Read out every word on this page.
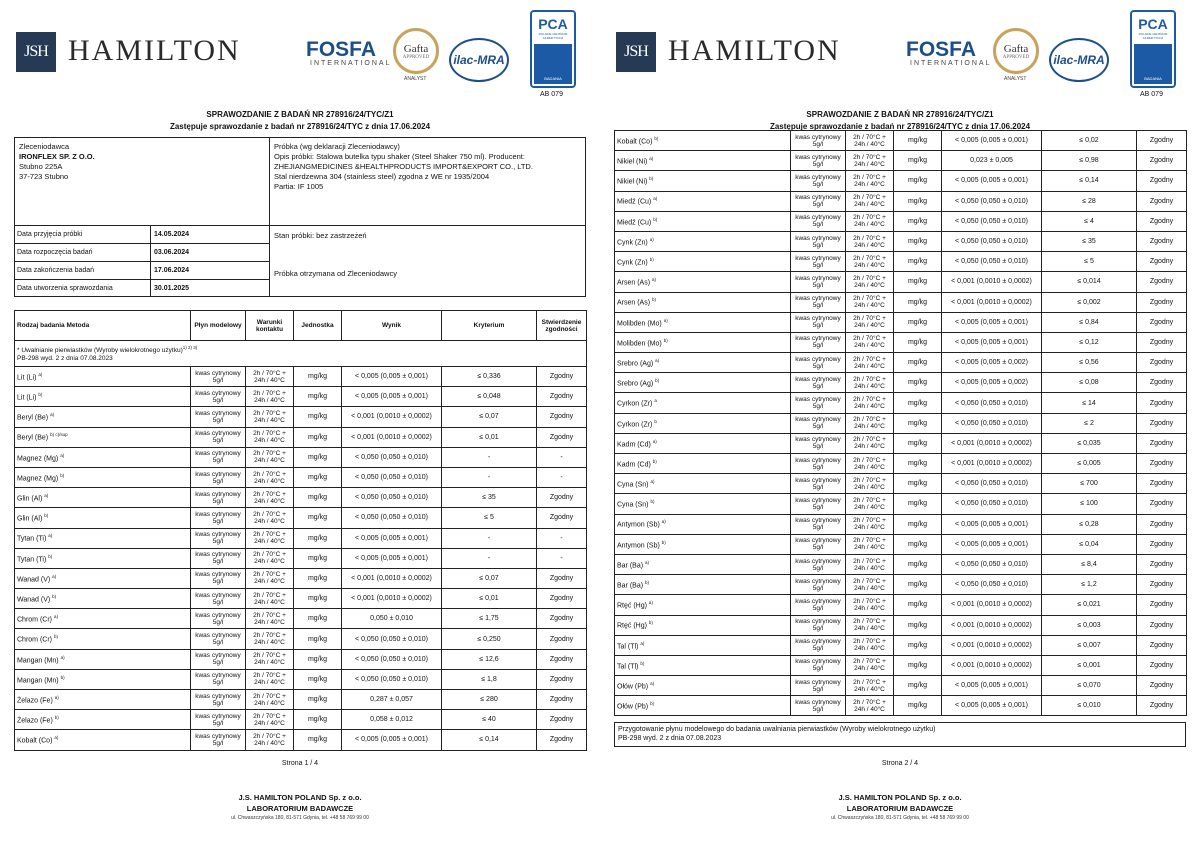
JSH HAMILTON	FOSFA
INTERNATIONAL
Gafta
APPROVED
ANALYST
ilac-MRA
PCA
POLSKIE CENTRUM AKREDYTACJI
BADANIA
AB 079
SPRAWOZDANIE Z BADAŃ NR 278916/24/TYC/Z1
Zastępuje sprawozdanie z badań nr 278916/24/TYC z dnia 17.06.2024
Zleceniodawca
IRONFLEX SP. Z O.O.
Stubno 225A
37-723 Stubno
Próbka (wg deklaracji Zleceniodawcy)
Opis próbki: Stalowa butelka typu shaker (Steel Shaker 750 ml). Producent: ZHEJIANGMEDICINES &HEALTHPRODUCTS IMPORT&EXPORT CO., LTD.
Stal nierdzewna 304 (stainless steel) zgodna z WE nr 1935/2004
Partia: IF 1005
Data przyjęcia próbki	14.05.2024
Data rozpoczęcia badań	03.06.2024
Data zakończenia badań	17.06.2024
Data utworzenia sprawozdania	30.01.2025
Stan próbki: bez zastrzeżeń
Próbka otrzymana od Zleceniodawcy
Rodzaj badania Metoda	Płyn modelowy	Warunki kontaktu	Jednostka	Wynik	Kryterium	Stwierdzenie zgodności
* Uwalnianie pierwiastków (Wyroby wielokrotnego użytku)$^{1) 2) 3)}$
PB-298 wyd. 2 z dnia 07.08.2023						
Lit (Li) $^{a)}$	kwas cytrynowy 5g/l	2h / 70°C + 24h / 40°C	mg/kg	< 0,005 (0,005 ± 0,001)	≤ 0,336	Zgodny
Lit (Li) $^{b)}$	kwas cytrynowy 5g/l	2h / 70°C + 24h / 40°C	mg/kg	< 0,005 (0,005 ± 0,001)	≤ 0,048	Zgodny
Beryl (Be) $^{a)}$	kwas cytrynowy 5g/l	2h / 70°C + 24h / 40°C	mg/kg	< 0,001 (0,0010 ± 0,0002)	≤ 0,07	Zgodny
Beryl (Be) $^{b) c)/sup}$	kwas cytrynowy 5g/l	2h / 70°C + 24h / 40°C	mg/kg	< 0,001 (0,0010 ± 0,0002)	≤ 0,01	Zgodny
Magnez (Mg) $^{a)}$	kwas cytrynowy 5g/l	2h / 70°C + 24h / 40°C	mg/kg	< 0,050 (0,050 ± 0,010)	-	-
Magnez (Mg) $^{b)}$	kwas cytrynowy 5g/l	2h / 70°C + 24h / 40°C	mg/kg	< 0,050 (0,050 ± 0,010)	-	-
Glin (Al) $^{a)}$	kwas cytrynowy 5g/l	2h / 70°C + 24h / 40°C	mg/kg	< 0,050 (0,050 ± 0,010)	≤ 35	Zgodny
Glin (Al) $^{b)}$	kwas cytrynowy 5g/l	2h / 70°C + 24h / 40°C	mg/kg	< 0,050 (0,050 ± 0,010)	≤ 5	Zgodny
Tytan (Ti) $^{a)}$	kwas cytrynowy 5g/l	2h / 70°C + 24h / 40°C	mg/kg	< 0,005 (0,005 ± 0,001)	-	-
Tytan (Ti) $^{b)}$	kwas cytrynowy 5g/l	2h / 70°C + 24h / 40°C	mg/kg	< 0,005 (0,005 ± 0,001)	-	-
Wanad (V) $^{a)}$	kwas cytrynowy 5g/l	2h / 70°C + 24h / 40°C	mg/kg	< 0,001 (0,0010 ± 0,0002)	≤ 0,07	Zgodny
Wanad (V) $^{b)}$	kwas cytrynowy 5g/l	2h / 70°C + 24h / 40°C	mg/kg	< 0,001 (0,0010 ± 0,0002)	≤ 0,01	Zgodny
Chrom (Cr) $^{a)}$	kwas cytrynowy 5g/l	2h / 70°C + 24h / 40°C	mg/kg	0,050 ± 0,010	≤ 1,75	Zgodny
Chrom (Cr) $^{b)}$	kwas cytrynowy 5g/l	2h / 70°C + 24h / 40°C	mg/kg	< 0,050 (0,050 ± 0,010)	≤ 0,250	Zgodny
Mangan (Mn) $^{a)}$	kwas cytrynowy 5g/l	2h / 70°C + 24h / 40°C	mg/kg	< 0,050 (0,050 ± 0,010)	≤ 12,6	Zgodny
Mangan (Mn) $^{b)}$	kwas cytrynowy 5g/l	2h / 70°C + 24h / 40°C	mg/kg	< 0,050 (0,050 ± 0,010)	≤ 1,8	Zgodny
Żelazo (Fe) $^{a)}$	kwas cytrynowy 5g/l	2h / 70°C + 24h / 40°C	mg/kg	0,287 ± 0,057	≤ 280	Zgodny
Żelazo (Fe) $^{b)}$	kwas cytrynowy 5g/l	2h / 70°C + 24h / 40°C	mg/kg	0,058 ± 0,012	≤ 40	Zgodny
Kobalt (Co) $^{a)}$	kwas cytrynowy 5g/l	2h / 70°C + 24h / 40°C	mg/kg	< 0,005 (0,005 ± 0,001)	≤ 0,14	Zgodny
Strona 1 / 4
J.S. HAMILTON POLAND Sp. z o.o.
LABORATORIUM BADAWCZE
ul. Chwaszczyńska 180, 81-571 Gdynia, tel. +48 58 769 99 00
JSH HAMILTON	FOSFA
INTERNATIONAL
Gafta
APPROVED
ANALYST
ilac-MRA
PCA
POLSKIE CENTRUM AKREDYTACJI
BADANIA
AB 079
SPRAWOZDANIE Z BADAŃ NR 278916/24/TYC/Z1
Zastępuje sprawozdanie z badań nr 278916/24/TYC z dnia 17.06.2024
Strona 2 / 4
J.S. HAMILTON POLAND Sp. z o.o.
LABORATORIUM BADAWCZE
ul. Chwaszczyńska 180, 81-571 Gdynia, tel. +48 58 769 99 00
Kobalt (Co) $^{b)}$	kwas cytrynowy 5g/l	2h / 70°C + 24h / 40°C	mg/kg	< 0,005 (0,005 ± 0,001)	≤ 0,02	Zgodny
Nikiel (Ni) $^{a)}$	kwas cytrynowy 5g/l	2h / 70°C + 24h / 40°C	mg/kg	0,023 ± 0,005	≤ 0,98	Zgodny
Nikiel (Ni) $^{b)}$	kwas cytrynowy 5g/l	2h / 70°C + 24h / 40°C	mg/kg	< 0,005 (0,005 ± 0,001)	≤ 0,14	Zgodny
Miedź (Cu) $^{a)}$	kwas cytrynowy 5g/l	2h / 70°C + 24h / 40°C	mg/kg	< 0,050 (0,050 ± 0,010)	≤ 28	Zgodny
Miedź (Cu) $^{b)}$	kwas cytrynowy 5g/l	2h / 70°C + 24h / 40°C	mg/kg	< 0,050 (0,050 ± 0,010)	≤ 4	Zgodny
Cynk (Zn) $^{a)}$	kwas cytrynowy 5g/l	2h / 70°C + 24h / 40°C	mg/kg	< 0,050 (0,050 ± 0,010)	≤ 35	Zgodny
Cynk (Zn) $^{b)}$	kwas cytrynowy 5g/l	2h / 70°C + 24h / 40°C	mg/kg	< 0,050 (0,050 ± 0,010)	≤ 5	Zgodny
Arsen (As) $^{a)}$	kwas cytrynowy 5g/l	2h / 70°C + 24h / 40°C	mg/kg	< 0,001 (0,0010 ± 0,0002)	≤ 0,014	Zgodny
Arsen (As) $^{b)}$	kwas cytrynowy 5g/l	2h / 70°C + 24h / 40°C	mg/kg	< 0,001 (0,0010 ± 0,0002)	≤ 0,002	Zgodny
Molibden (Mo) $^{a)}$	kwas cytrynowy 5g/l	2h / 70°C + 24h / 40°C	mg/kg	< 0,005 (0,005 ± 0,001)	≤ 0,84	Zgodny
Molibden (Mo) $^{b)}$	kwas cytrynowy 5g/l	2h / 70°C + 24h / 40°C	mg/kg	< 0,005 (0,005 ± 0,001)	≤ 0,12	Zgodny
Srebro (Ag) $^{a)}$	kwas cytrynowy 5g/l	2h / 70°C + 24h / 40°C	mg/kg	< 0,005 (0,005 ± 0,002)	≤ 0,56	Zgodny
Srebro (Ag) $^{b)}$	kwas cytrynowy 5g/l	2h / 70°C + 24h / 40°C	mg/kg	< 0,005 (0,005 ± 0,002)	≤ 0,08	Zgodny
Cyrkon (Zr) $^a$	kwas cytrynowy 5g/l	2h / 70°C + 24h / 40°C	mg/kg	< 0,050 (0,050 ± 0,010)	≤ 14	Zgodny
Cyrkon (Zr) $^b$	kwas cytrynowy 5g/l	2h / 70°C + 24h / 40°C	mg/kg	< 0,050 (0,050 ± 0,010)	≤ 2	Zgodny
Kadm (Cd) $^{a)}$	kwas cytrynowy 5g/l	2h / 70°C + 24h / 40°C	mg/kg	< 0,001 (0,0010 ± 0,0002)	≤ 0,035	Zgodny
Kadm (Cd) $^{b)}$	kwas cytrynowy 5g/l	2h / 70°C + 24h / 40°C	mg/kg	< 0,001 (0,0010 ± 0,0002)	≤ 0,005	Zgodny
Cyna (Sn) $^{a)}$	kwas cytrynowy 5g/l	2h / 70°C + 24h / 40°C	mg/kg	< 0,050 (0,050 ± 0,010)	≤ 700	Zgodny
Cyna (Sn) $^{b)}$	kwas cytrynowy 5g/l	2h / 70°C + 24h / 40°C	mg/kg	< 0,050 (0,050 ± 0,010)	≤ 100	Zgodny
Antymon (Sb) $^{a)}$	kwas cytrynowy 5g/l	2h / 70°C + 24h / 40°C	mg/kg	< 0,005 (0,005 ± 0,001)	≤ 0,28	Zgodny
Antymon (Sb) $^{b)}$	kwas cytrynowy 5g/l	2h / 70°C + 24h / 40°C	mg/kg	< 0,005 (0,005 ± 0,001)	≤ 0,04	Zgodny
Bar (Ba) $^{a)}$	kwas cytrynowy 5g/l	2h / 70°C + 24h / 40°C	mg/kg	< 0,050 (0,050 ± 0,010)	≤ 8,4	Zgodny
Bar (Ba) $^{b)}$	kwas cytrynowy 5g/l	2h / 70°C + 24h / 40°C	mg/kg	< 0,050 (0,050 ± 0,010)	≤ 1,2	Zgodny
Rtęć (Hg) $^{a)}$	kwas cytrynowy 5g/l	2h / 70°C + 24h / 40°C	mg/kg	< 0,001 (0,0010 ± 0,0002)	≤ 0,021	Zgodny
Rtęć (Hg) $^{b)}$	kwas cytrynowy 5g/l	2h / 70°C + 24h / 40°C	mg/kg	< 0,001 (0,0010 ± 0,0002)	≤ 0,003	Zgodny
Tal (Tl) $^{a)}$	kwas cytrynowy 5g/l	2h / 70°C + 24h / 40°C	mg/kg	< 0,001 (0,0010 ± 0,0002)	≤ 0,007	Zgodny
Tal (Tl) $^{b)}$	kwas cytrynowy 5g/l	2h / 70°C + 24h / 40°C	mg/kg	< 0,001 (0,0010 ± 0,0002)	≤ 0,001	Zgodny
Ołów (Pb) $^{a)}$	kwas cytrynowy 5g/l	2h / 70°C + 24h / 40°C	mg/kg	< 0,005 (0,005 ± 0,001)	≤ 0,070	Zgodny
Ołów (Pb) $^{b)}$	kwas cytrynowy 5g/l	2h / 70°C + 24h / 40°C	mg/kg	< 0,005 (0,005 ± 0,001)	≤ 0,010	Zgodny
Przygotowanie płynu modelowego do badania uwalniania pierwiastków (Wyroby wielokrotnego użytku)
PB-298 wyd. 2 z dnia 07.08.2023
